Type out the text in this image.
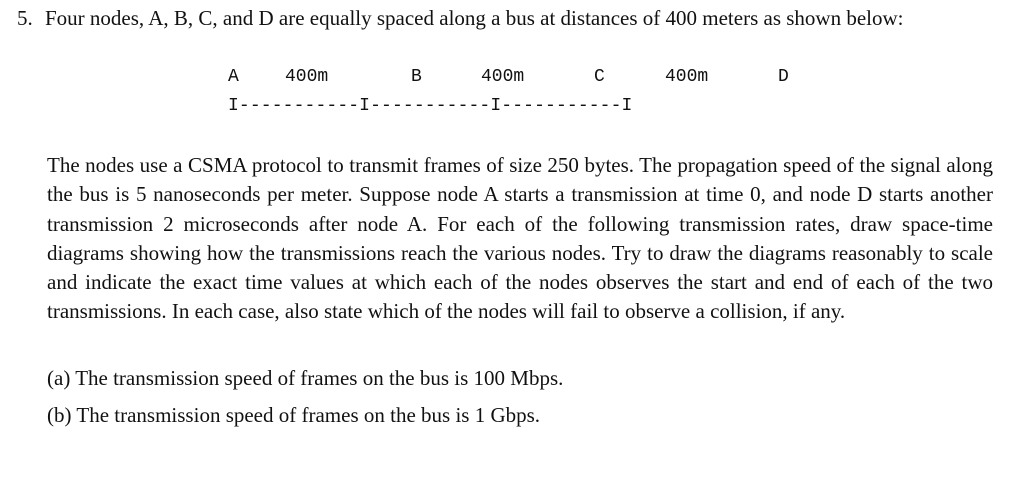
5. Four nodes, A, B, C, and D are equally spaced along a bus at distances of 400 meters as shown below:
A	400m	B	400m	C	400m	D
I-----------I-----------I-----------I
The nodes use a CSMA protocol to transmit frames of size 250 bytes. The propagation speed of the signal along the bus is 5 nanoseconds per meter. Suppose node A starts a transmission at time 0, and node D starts another transmission 2 microseconds after node A. For each of the following transmission rates, draw space-time diagrams showing how the transmissions reach the various nodes. Try to draw the diagrams reasonably to scale and indicate the exact time values at which each of the nodes observes the start and end of each of the two transmissions. In each case, also state which of the nodes will fail to observe a collision, if any.
(a) The transmission speed of frames on the bus is 100 Mbps.
(b) The transmission speed of frames on the bus is 1 Gbps.
